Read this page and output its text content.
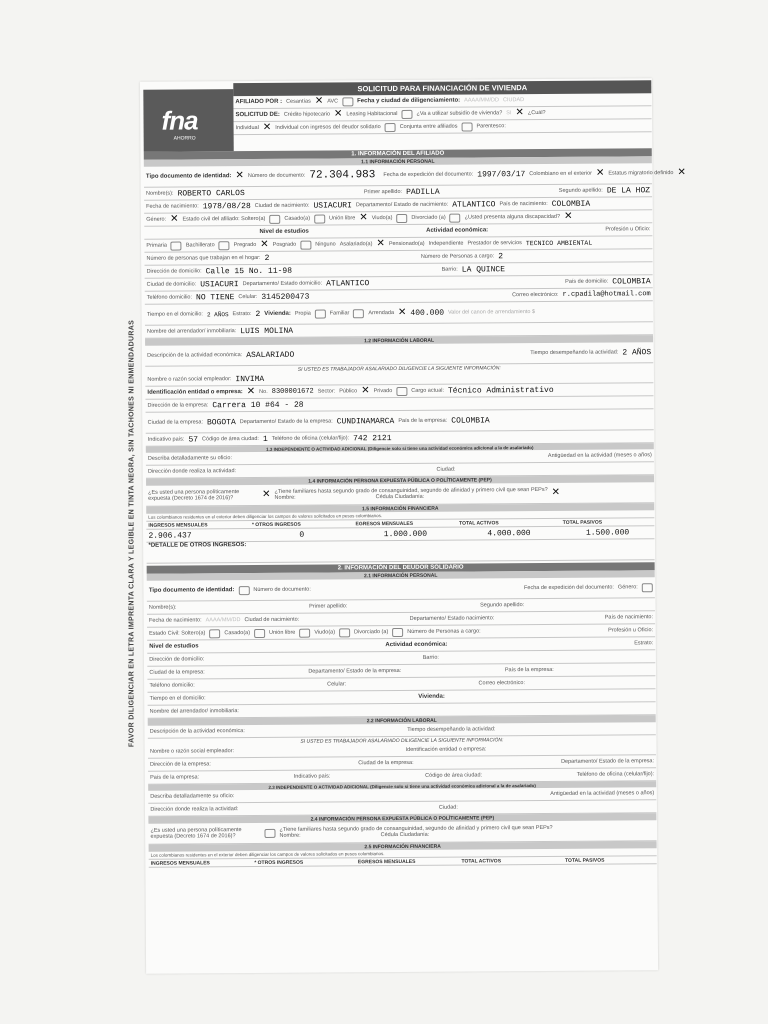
FAVOR DILIGENCIAR EN LETRA IMPRENTA CLARA Y LEGIBLE EN TINTA NEGRA, SIN TACHONES NI ENMENDADURAS
fna
AHORRO
SOLICITUD PARA FINANCIACIÓN DE VIVIENDA
AFILIADO POR : Cesantías ✕ AVC	Fecha y ciudad de diligenciamiento: AAAA/MM/DD CIUDAD
SOLICITUD DE: Crédito hipotecario ✕ Leasing Habitacional	¿Va a utilizar subsidio de vivienda? SI ✕ ¿Cuál?
Individual ✕ Individual con ingresos del deudor solidario	Conjunta entre afiliados	Parentesco:
1. INFORMACIÓN DEL AFILIADO
1.1 INFORMACIÓN PERSONAL
Tipo documento de identidad: ✕ Número de documento: 72.304.983 Fecha de expedición del documento: 1997/03/17 Colombiano en el exterior ✕ Estatus migratorio definido ✕
Nombre(s): ROBERTO CARLOS	Primer apellido: PADILLA	Segundo apellido: DE LA HOZ
Fecha de nacimiento: 1978/08/28 Ciudad de nacimiento: USIACURI Departamento/ Estado de nacimiento: ATLANTICO País de nacimiento: COLOMBIA
Género: ✕ Estado civil del afiliado: Soltero(a)	Casado(a)	Unión libre ✕ Viudo(a)	Divorciado (a)	¿Usted presenta alguna discapacidad? ✕
Nivel de estudios	Actividad económica:	Profesión u Oficio:
Primaria	Bachillerato	Pregrado ✕ Posgrado	Ninguno Asalariado(a) ✕ Pensionado(a) Independiente Prestador de servicios TECNICO AMBIENTAL
Número de personas que trabajan en el hogar: 2	Número de Personas a cargo: 2
Dirección de domicilio: Calle 15 No. 11-98	Barrio: LA QUINCE
Ciudad de domicilio: USIACURI Departamento/ Estado domicilio: ATLANTICO	País de domicilio: COLOMBIA
Teléfono domicilio: NO TIENE Celular: 3145200473	Correo electrónico: r.cpadila@hotmail.com
Tiempo en el domicilio: 2 AÑOS Estrato: 2 Vivienda: Propia	Familiar	Arrendada ✕ 400.000 Valor del canon de arrendamiento $
Nombre del arrendador/ inmobiliaria: LUIS MOLINA
1.2 INFORMACIÓN LABORAL
Descripción de la actividad económica: ASALARIADO	Tiempo desempeñando la actividad: 2 AÑOS
SI USTED ES TRABAJADOR ASALARIADO DILIGENCIE LA SIGUIENTE INFORMACIÓN:
Nombre o razón social empleador: INVIMA
Identificación entidad o empresa: ✕ No. 8300001672 Sector: Público ✕ Privado	Cargo actual: Técnico Administrativo
Dirección de la empresa: Carrera 10 #64 - 28
Ciudad de la empresa: BOGOTA Departamento/ Estado de la empresa: CUNDINAMARCA País de la empresa: COLOMBIA
Indicativo país: 57 Código de área ciudad: 1 Teléfono de oficina (celular/fijo): 742 2121
1.3 INDEPENDIENTE O ACTIVIDAD ADICIONAL (Diligencie solo si tiene una actividad económica adicional a la de asalariado)
Describa detalladamente su oficio:	Antigüedad en la actividad (meses o años)
Dirección donde realiza la actividad:	Ciudad:
1.4 INFORMACIÓN PERSONA EXPUESTA PÚBLICA O POLÍTICAMENTE (PEP)
¿Es usted una persona políticamente expuesta (Decreto 1674 de 2016)?	✕ ¿Tiene familiares hasta segundo grado de consanguinidad, segundo de afinidad y primero civil que sean PEPs?
Nombre:	Cédula Ciudadanía:	✕
1.5 INFORMACIÓN FINANCIERA
Los colombianos residentes en el exterior deben diligenciar los campos de valores solicitados en pesos colombianos.
INGRESOS MENSUALES	* OTROS INGRESOS	EGRESOS MENSUALES	TOTAL ACTIVOS	TOTAL PASIVOS
2.906.437	0	1.000.000	4.000.000	1.500.000
*DETALLE DE OTROS INGRESOS:
2. INFORMACIÓN DEL DEUDOR SOLIDARIO
2.1 INFORMACIÓN PERSONAL
Tipo documento de identidad:	Número de documento:	Fecha de expedición del documento: Género:
Nombre(s):	Primer apellido:	Segundo apellido:
Fecha de nacimiento: AAAA/MM/DD Ciudad de nacimiento:	Departamento/ Estado nacimiento:	País de nacimiento:
Estado Civil: Soltero(a)	Casado(a)	Unión libre	Viudo(a)	Divorciado (a)	Número de Personas a cargo:	Profesión u Oficio:
Nivel de estudios	Actividad económica:	Estrato:
Dirección de domicilio:	Barrio:
Ciudad de la empresa:	Departamento/ Estado de la empresa:	País de la empresa:
Teléfono domicilio:	Celular:	Correo electrónico:
Tiempo en el domicilio:	Vivienda:
Nombre del arrendador/ inmobiliaria:
2.2 INFORMACIÓN LABORAL
Descripción de la actividad económica:	Tiempo desempeñando la actividad:
SI USTED ES TRABAJADOR ASALARIADO DILIGENCIE LA SIGUIENTE INFORMACIÓN:
Nombre o razón social empleador:	Identificación entidad o empresa:
Dirección de la empresa:	Ciudad de la empresa:	Departamento/ Estado de la empresa:
País de la empresa:	Indicativo país:	Código de área ciudad:	Teléfono de oficina (celular/fijo):
2.3 INDEPENDIENTE O ACTIVIDAD ADICIONAL (Diligencie solo si tiene una actividad económica adicional a la de asalariado)
Describa detalladamente su oficio:	Antigüedad en la actividad (meses o años)
Dirección donde realiza la actividad:	Ciudad:
2.4 INFORMACIÓN PERSONA EXPUESTA PÚBLICA O POLÍTICAMENTE (PEP)
¿Es usted una persona políticamente expuesta (Decreto 1674 de 2016)?
¿Tiene familiares hasta segundo grado de consanguinidad, segundo de afinidad y primero civil que sean PEPs?
Nombre:	Cédula Ciudadanía:
2.5 INFORMACIÓN FINANCIERA
Los colombianos residentes en el exterior deben diligenciar los campos de valores solicitados en pesos colombianos.
INGRESOS MENSUALES	* OTROS INGRESOS	EGRESOS MENSUALES	TOTAL ACTIVOS	TOTAL PASIVOS
